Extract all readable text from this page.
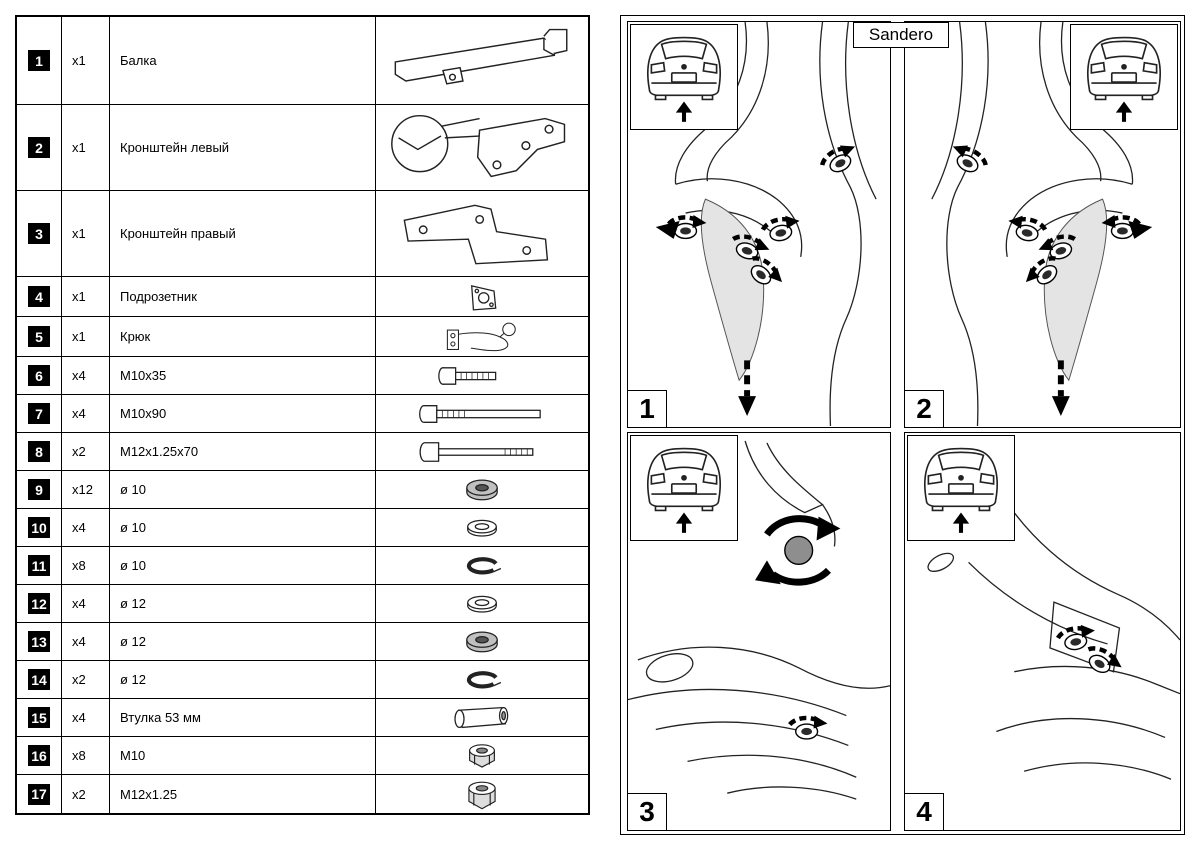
1	x1	Балка
2	x1	Кронштейн левый
3	x1	Кронштейн правый
4	x1	Подрозетник
5	x1	Крюк
6	x4	M10x35
7	x4	M10x90
8	x2	M12x1.25x70
9	x12	ø 10
10	x4	ø 10
11	x8	ø 10
12	x4	ø 12
13	x4	ø 12
14	x2	ø 12
15	x4	Втулка 53 мм
16	x8	M10
17	x2	M12x1.25
Sandero
1	2
3	4
